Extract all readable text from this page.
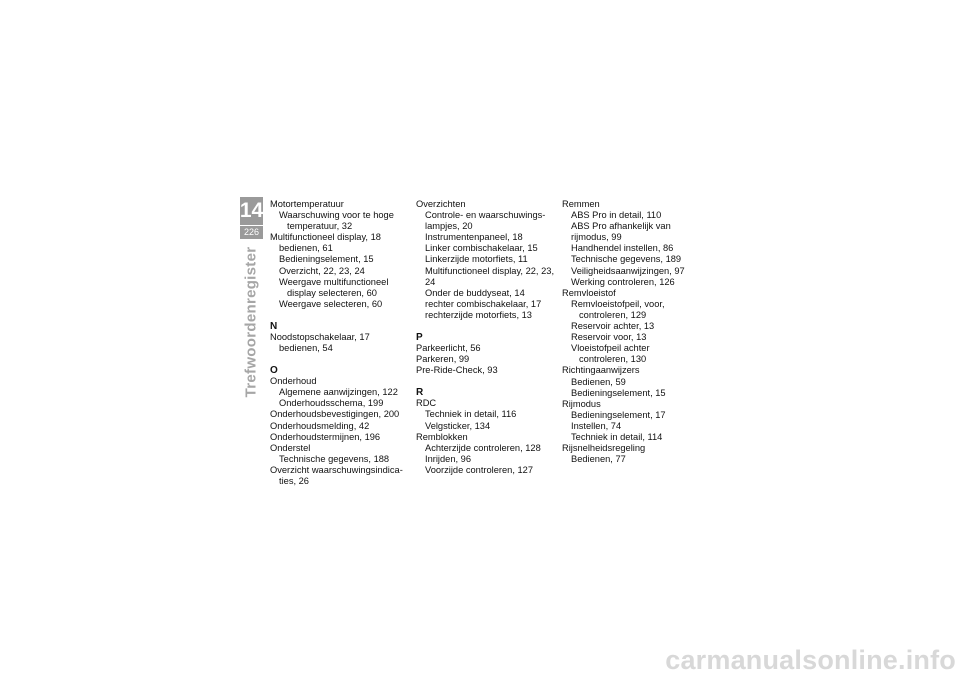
14
226
Trefwoordenregister
Motortemperatuur
Waarschuwing voor te hoge
temperatuur, 32
Multifunctioneel display, 18
bedienen, 61
Bedieningselement, 15
Overzicht, 22, 23, 24
Weergave multifunctioneel
display selecteren, 60
Weergave selecteren, 60
N
Noodstopschakelaar, 17
bedienen, 54
O
Onderhoud
Algemene aanwijzingen, 122
Onderhoudsschema, 199
Onderhoudsbevestigingen, 200
Onderhoudsmelding, 42
Onderhoudstermijnen, 196
Onderstel
Technische gegevens, 188
Overzicht waarschuwingsindica-
ties, 26
Overzichten
Controle- en waarschuwings-
lampjes, 20
Instrumentenpaneel, 18
Linker combischakelaar, 15
Linkerzijde motorfiets, 11
Multifunctioneel display, 22, 23,
24
Onder de buddyseat, 14
rechter combischakelaar, 17
rechterzijde motorfiets, 13
P
Parkeerlicht, 56
Parkeren, 99
Pre-Ride-Check, 93
R
RDC
Techniek in detail, 116
Velgsticker, 134
Remblokken
Achterzijde controleren, 128
Inrijden, 96
Voorzijde controleren, 127
Remmen
ABS Pro in detail, 110
ABS Pro afhankelijk van
rijmodus, 99
Handhendel instellen, 86
Technische gegevens, 189
Veiligheidsaanwijzingen, 97
Werking controleren, 126
Remvloeistof
Remvloeistofpeil, voor,
controleren, 129
Reservoir achter, 13
Reservoir voor, 13
Vloeistofpeil achter
controleren, 130
Richtingaanwijzers
Bedienen, 59
Bedieningselement, 15
Rijmodus
Bedieningselement, 17
Instellen, 74
Techniek in detail, 114
Rijsnelheidsregeling
Bedienen, 77
carmanualsonline.info
